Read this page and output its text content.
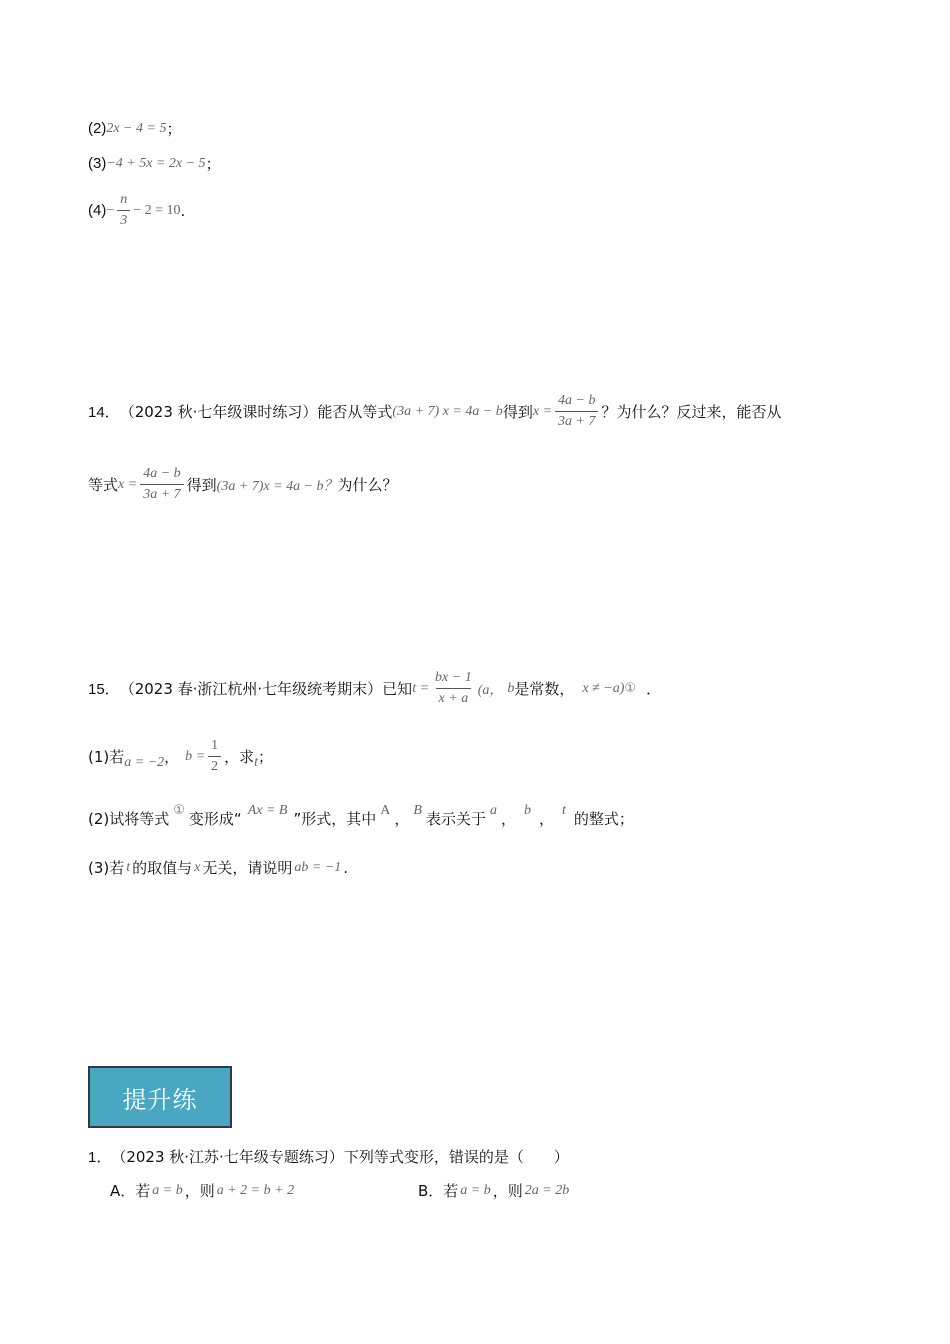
(2) 2x − 4 = 5 ；
(3) −4 + 5x = 2x − 5 ；
$(4) - \frac{n}{3} - 2 = 10$ .
14． （2023 秋·七年级课时练习） 能否从等式 (3a + 7) x = 4a − b 得到 $x = \frac{4a - b}{3a + 7}$ ？为什么？反过来，能否从
等式 $x = \frac{4a - b}{3a + 7}$ 得到 (3a + 7)x = 4a − b？ 为什么？
15． （2023 春·浙江杭州·七年级统考期末） 已知 $t = \frac{bx - 1}{x + a} (a$， b 是常数， x ≠ −a) ① ．
(1)若 a = −2 ， $b = \frac{1}{2}$ ，求 t ；
(2)试将等式 ① 变形成“ Ax = B ”形式，其中 A ， B 表示关于 a ， b ， t 的整式；
(3)若 t 的取值与 x 无关，请说明 ab = −1 .
提升练
1． （2023 秋·江苏·七年级专题练习） 下列等式变形，错误的是（　　）
A．若 a = b ，则 a + 2 = b + 2	B．若 a = b ，则 2a = 2b
